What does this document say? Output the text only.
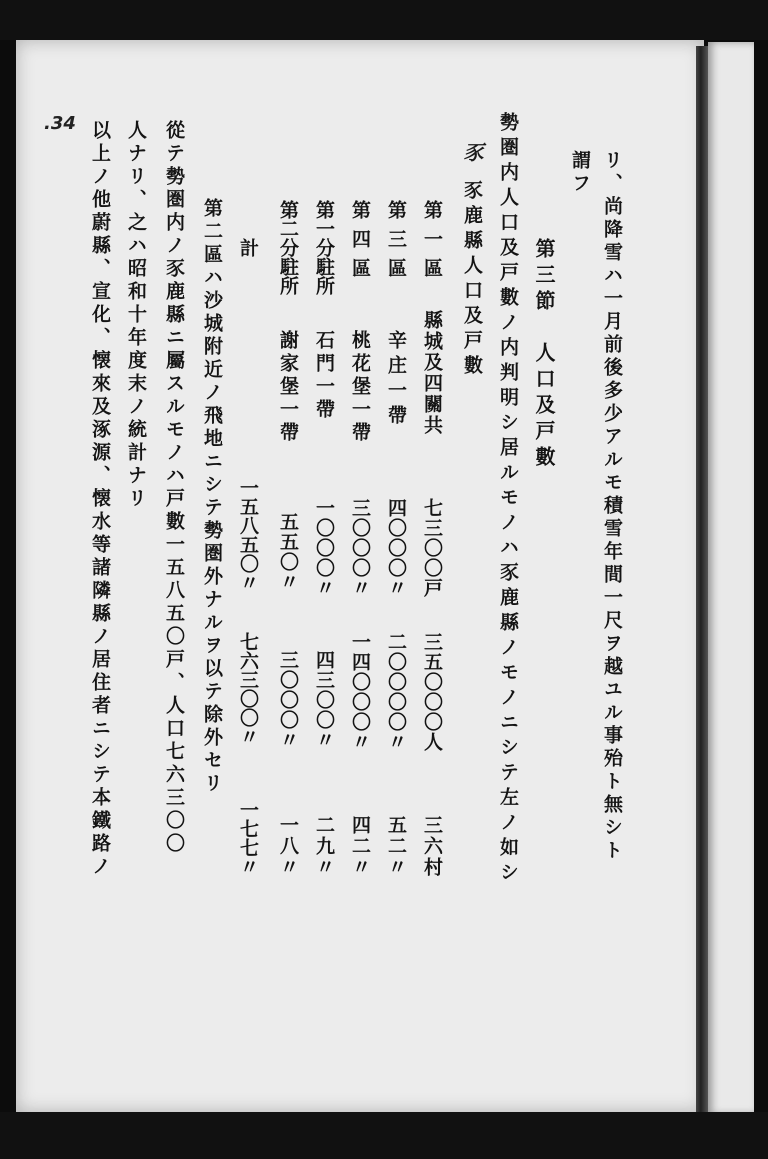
.34
リ、尚降雪ハ一月前後多少アルモ積雪年間一尺ヲ越ユル事殆ト無シト
謂フ
第三節　人口及戸數
勢圏内人口及戸數ノ内判明シ居ルモノハ豕鹿縣ノモノニシテ左ノ如シ
豕
豕鹿縣人口及戸數
第一區
縣城及四關共
七三〇〇戸
三五〇〇〇人
三六村
第三區
辛庄一帶
四〇〇〇〃
二〇〇〇〇〃
五二〃
第四區
桃花堡一帶
三〇〇〇〃
一四〇〇〇〃
四二〃
第一分駐所
石門一帶
一〇〇〇〃
四三〇〇〃
二九〃
第二分駐所
謝家堡一帶
五五〇〃
三〇〇〇〃
一八〃
計
一五八五〇〃
七六三〇〇〃
一七七〃
第二區ハ沙城附近ノ飛地ニシテ勢圏外ナルヲ以テ除外セリ
從テ勢圏内ノ豕鹿縣ニ屬スルモノハ戸數一五八五〇戸、人口七六三〇〇
人ナリ、之ハ昭和十年度末ノ統計ナリ
以上ノ他蔚縣、宣化、懐來及涿源、懐水等諸隣縣ノ居住者ニシテ本鐵路ノ
